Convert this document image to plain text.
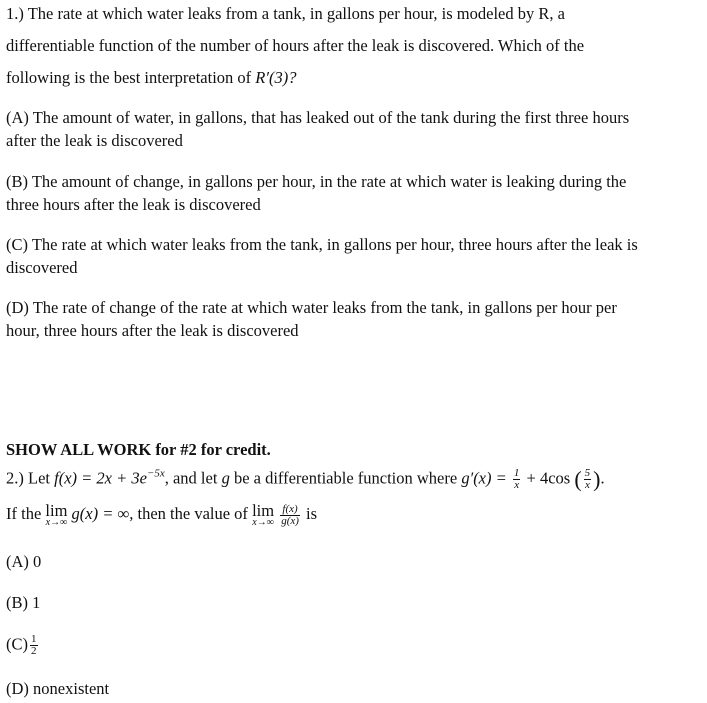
1.) The rate at which water leaks from a tank, in gallons per hour, is modeled by R, a
differentiable function of the number of hours after the leak is discovered. Which of the
following is the best interpretation of R′(3)?
(A) The amount of water, in gallons, that has leaked out of the tank during the first three hours
after the leak is discovered
(B) The amount of change, in gallons per hour, in the rate at which water is leaking during the
three hours after the leak is discovered
(C) The rate at which water leaks from the tank, in gallons per hour, three hours after the leak is
discovered
(D) The rate of change of the rate at which water leaks from the tank, in gallons per hour per
hour, three hours after the leak is discovered
SHOW ALL WORK for #2 for credit.
2.) Let $f(x) = 2x + 3e^{-5x}$, and let g be a differentiable function where $g'(x) = \frac{1}{x} + 4\cos$ ( $\frac{5}{x}$ ).
If the lim
x→∞ g(x) = ∞, then the value of lim
x→∞
$\frac{f(x)}{g(x)}$ is
(A) 0
(B) 1
$(C) \frac{1}{2}$
(D) nonexistent
